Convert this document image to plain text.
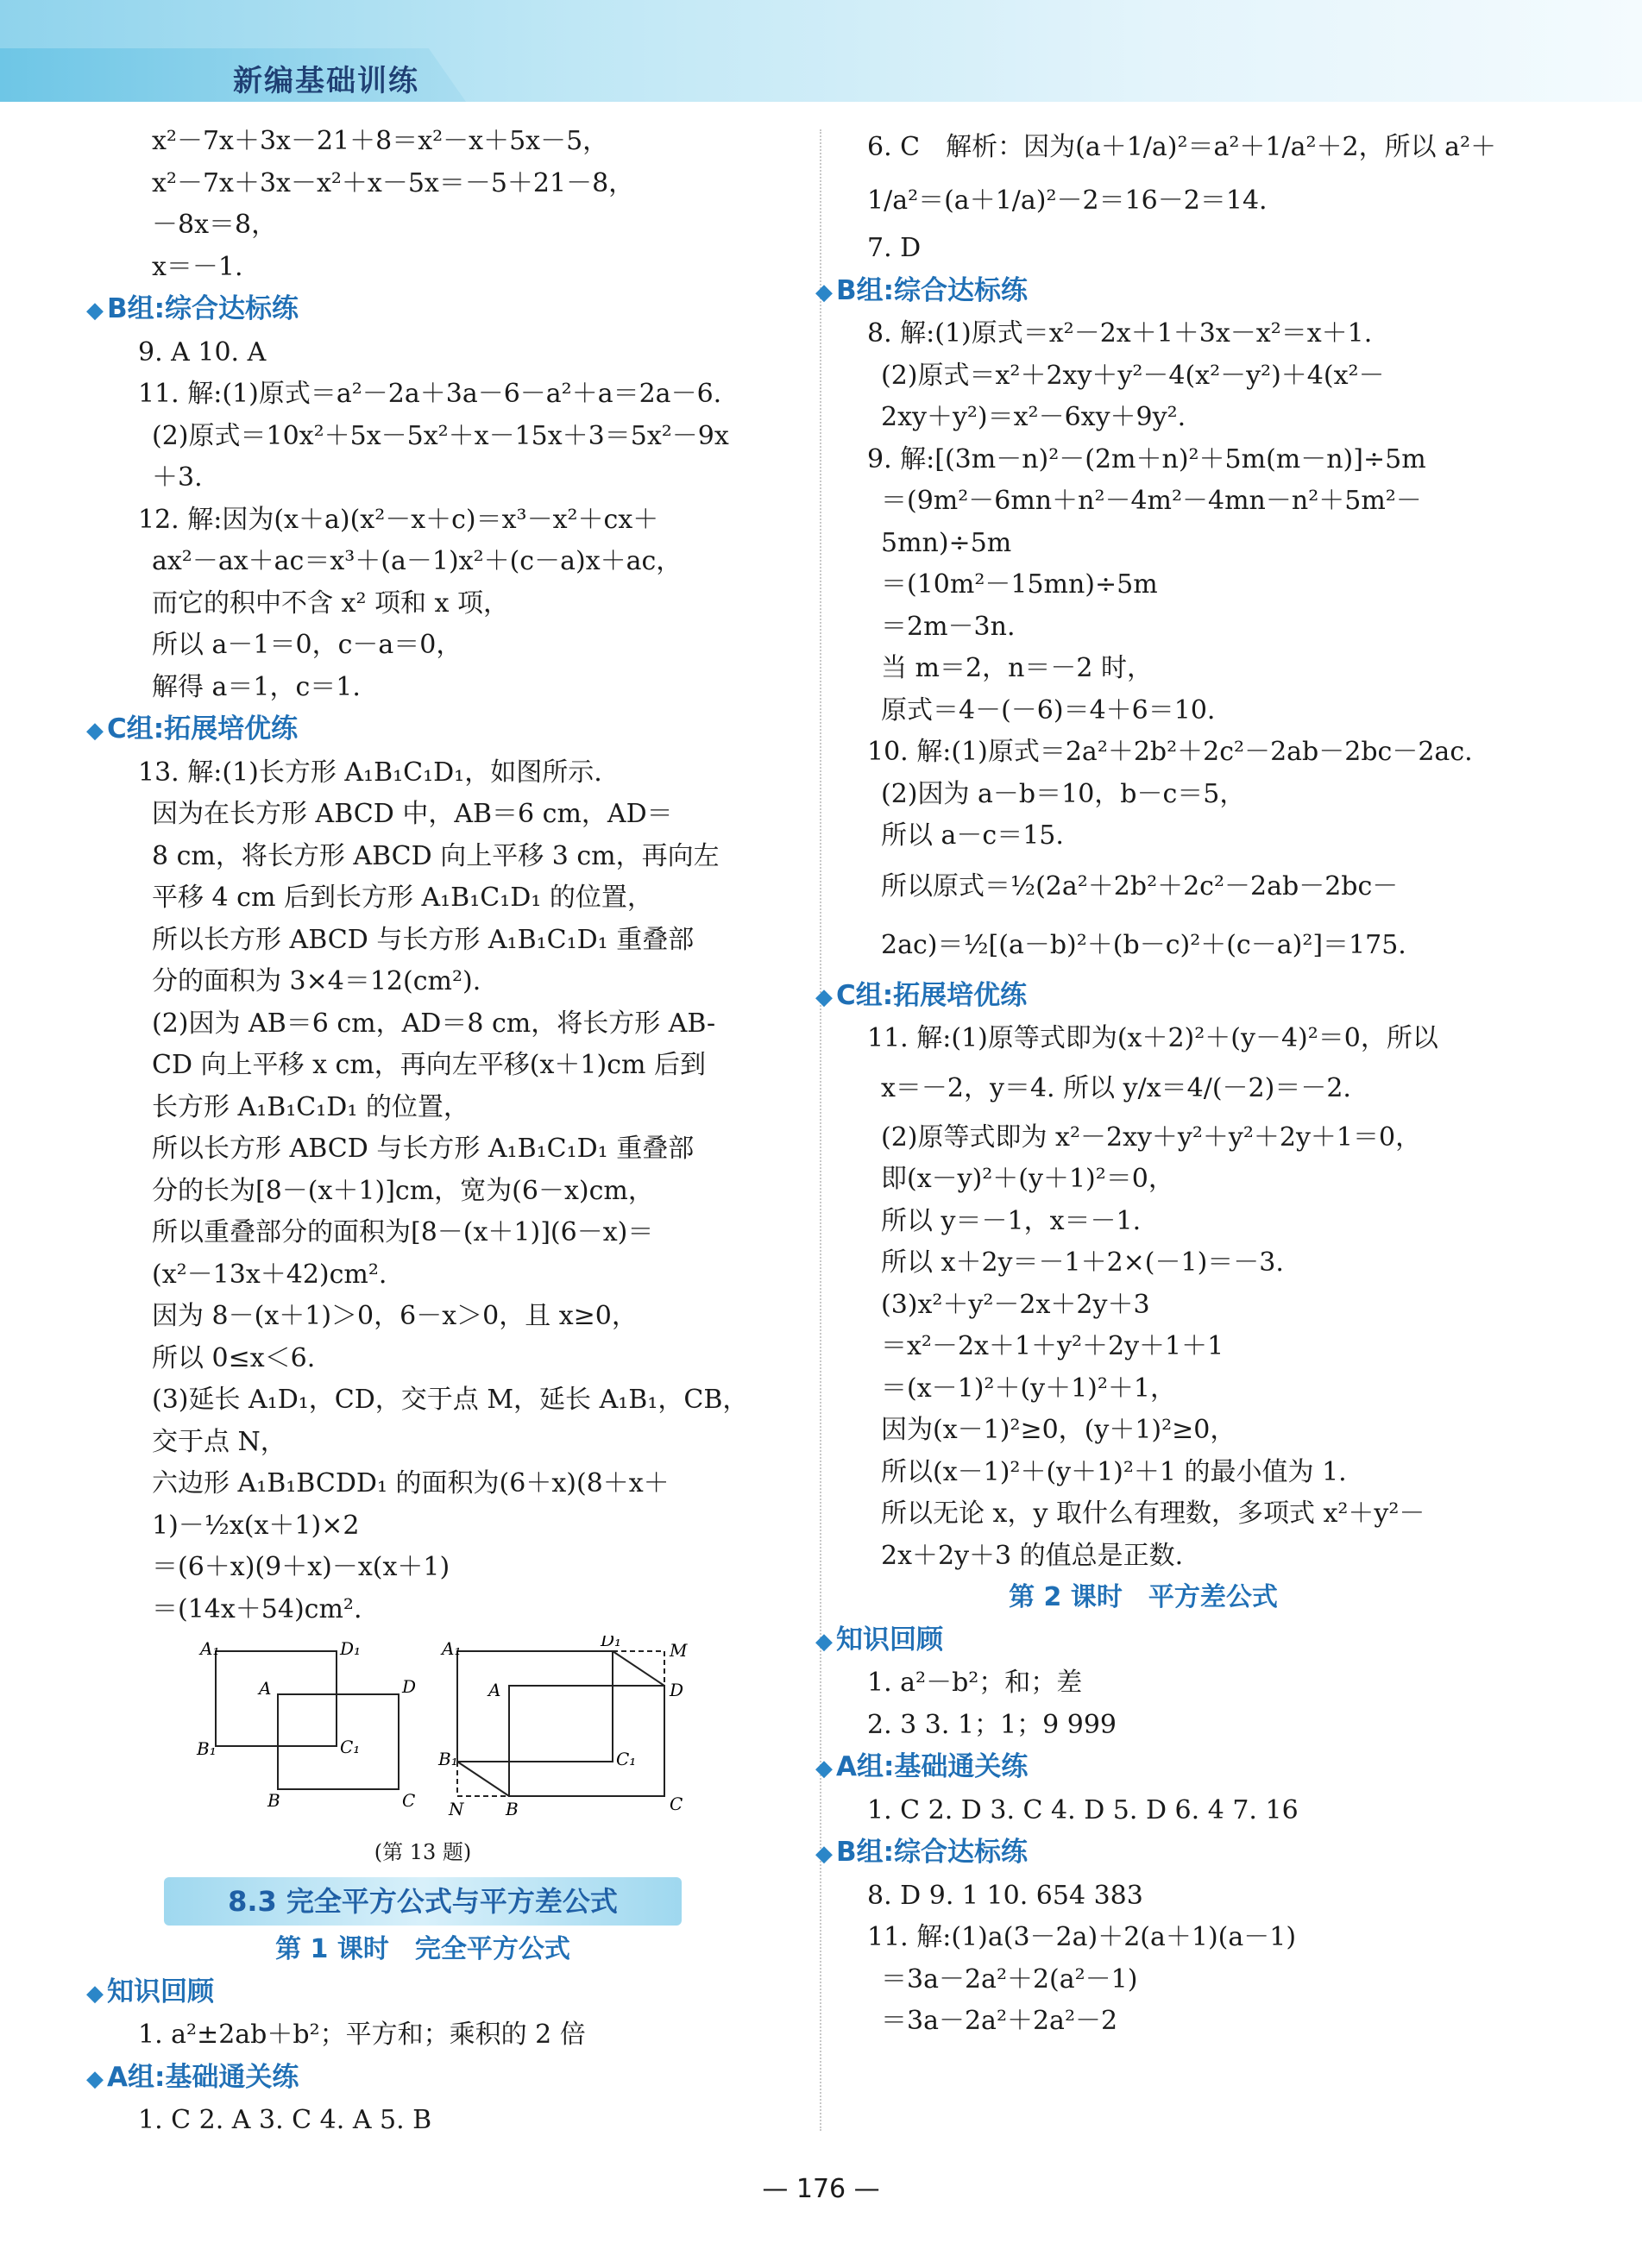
新编基础训练
x²－7x＋3x－21＋8＝x²－x＋5x－5，
x²－7x＋3x－x²＋x－5x＝－5＋21－8，
－8x＝8，
x＝－1.
◆ B组:综合达标练
9. A 10. A
11. 解:(1)原式＝a²－2a＋3a－6－a²＋a＝2a－6.
(2)原式＝10x²＋5x－5x²＋x－15x＋3＝5x²－9x
＋3.
12. 解:因为(x＋a)(x²－x＋c)＝x³－x²＋cx＋
ax²－ax＋ac＝x³＋(a－1)x²＋(c－a)x＋ac，
而它的积中不含 x² 项和 x 项，
所以 a－1＝0，c－a＝0，
解得 a＝1，c＝1.
◆ C组:拓展培优练
13. 解:(1)长方形 A₁B₁C₁D₁，如图所示.
因为在长方形 ABCD 中，AB＝6 cm，AD＝
8 cm，将长方形 ABCD 向上平移 3 cm，再向左
平移 4 cm 后到长方形 A₁B₁C₁D₁ 的位置，
所以长方形 ABCD 与长方形 A₁B₁C₁D₁ 重叠部
分的面积为 3×4＝12(cm²).
(2)因为 AB＝6 cm，AD＝8 cm，将长方形 AB-
CD 向上平移 x cm，再向左平移(x＋1)cm 后到
长方形 A₁B₁C₁D₁ 的位置，
所以长方形 ABCD 与长方形 A₁B₁C₁D₁ 重叠部
分的长为[8－(x＋1)]cm，宽为(6－x)cm，
所以重叠部分的面积为[8－(x＋1)](6－x)＝
(x²－13x＋42)cm².
因为 8－(x＋1)＞0，6－x＞0，且 x≥0，
所以 0≤x＜6.
(3)延长 A₁D₁，CD，交于点 M，延长 A₁B₁，CB，
交于点 N，
六边形 A₁B₁BCDD₁ 的面积为(6＋x)(8＋x＋
1)－½x(x＋1)×2
＝(6＋x)(9＋x)－x(x＋1)
＝(14x＋54)cm².
A₁	D₁
A	D
B₁	C₁
B	C
A₁	D₁	M
A	D
B₁	C₁
N B	C
(第 13 题)
8.3 完全平方公式与平方差公式
第 1 课时　完全平方公式
◆ 知识回顾
1. a²±2ab＋b²；平方和；乘积的 2 倍
◆ A组:基础通关练
1. C 2. A 3. C 4. A 5. B
6. C　解析：因为(a＋1/a)²＝a²＋1/a²＋2，所以 a²＋
1/a²＝(a＋1/a)²－2＝16－2＝14.
7. D
◆ B组:综合达标练
8. 解:(1)原式＝x²－2x＋1＋3x－x²＝x＋1.
(2)原式＝x²＋2xy＋y²－4(x²－y²)＋4(x²－
2xy＋y²)＝x²－6xy＋9y².
9. 解:[(3m－n)²－(2m＋n)²＋5m(m－n)]÷5m
＝(9m²－6mn＋n²－4m²－4mn－n²＋5m²－
5mn)÷5m
＝(10m²－15mn)÷5m
＝2m－3n.
当 m＝2，n＝－2 时，
原式＝4－(－6)＝4＋6＝10.
10. 解:(1)原式＝2a²＋2b²＋2c²－2ab－2bc－2ac.
(2)因为 a－b＝10，b－c＝5，
所以 a－c＝15.
所以原式＝½(2a²＋2b²＋2c²－2ab－2bc－
2ac)＝½[(a－b)²＋(b－c)²＋(c－a)²]＝175.
◆ C组:拓展培优练
11. 解:(1)原等式即为(x＋2)²＋(y－4)²＝0，所以
x＝－2，y＝4. 所以 y/x＝4/(－2)＝－2.
(2)原等式即为 x²－2xy＋y²＋y²＋2y＋1＝0，
即(x－y)²＋(y＋1)²＝0，
所以 y＝－1，x＝－1.
所以 x＋2y＝－1＋2×(－1)＝－3.
(3)x²＋y²－2x＋2y＋3
＝x²－2x＋1＋y²＋2y＋1＋1
＝(x－1)²＋(y＋1)²＋1，
因为(x－1)²≥0，(y＋1)²≥0，
所以(x－1)²＋(y＋1)²＋1 的最小值为 1.
所以无论 x，y 取什么有理数，多项式 x²＋y²－
2x＋2y＋3 的值总是正数.
第 2 课时　平方差公式
◆ 知识回顾
1. a²－b²；和；差
2. 3 3. 1；1；9 999
◆ A组:基础通关练
1. C 2. D 3. C 4. D 5. D 6. 4 7. 16
◆ B组:综合达标练
8. D 9. 1 10. 654 383
11. 解:(1)a(3－2a)＋2(a＋1)(a－1)
＝3a－2a²＋2(a²－1)
＝3a－2a²＋2a²－2
— 176 —
